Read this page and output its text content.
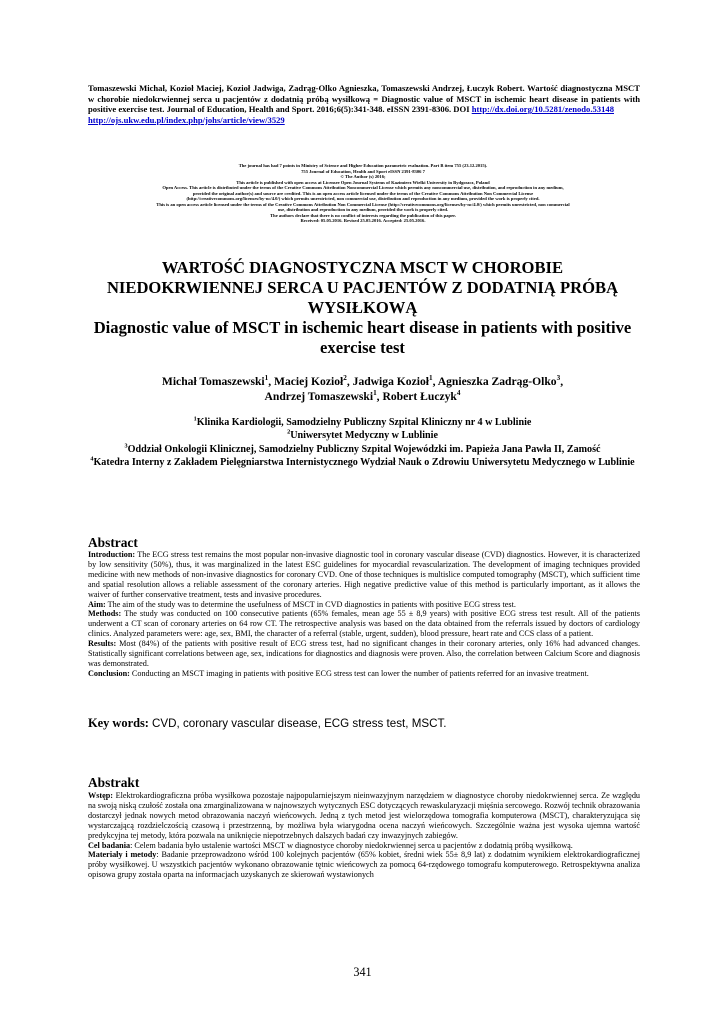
Tomaszewski Michał, Kozioł Maciej, Kozioł Jadwiga, Zadrąg-Olko Agnieszka, Tomaszewski Andrzej, Łuczyk Robert. Wartość diagnostyczna MSCT w chorobie niedokrwiennej serca u pacjentów z dodatnią próbą wysiłkową = Diagnostic value of MSCT in ischemic heart disease in patients with positive exercise test. Journal of Education, Health and Sport. 2016;6(5):341-348. eISSN 2391-8306. DOI http://dx.doi.org/10.5281/zenodo.53148
http://ojs.ukw.edu.pl/index.php/johs/article/view/3529
The journal has had 7 points in Ministry of Science and Higher Education parametric evaluation. Part B item 755 (23.12.2015).
755 Journal of Education, Health and Sport eISSN 2391-8306 7
© The Author (s) 2016;
This article is published with open access at Licensee Open Journal Systems of Kazimierz Wielki University in Bydgoszcz, Poland
Open Access. This article is distributed under the terms of the Creative Commons Attribution Noncommercial License which permits any noncommercial use, distribution, and reproduction in any medium,
provided the original author(s) and source are credited. This is an open access article licensed under the terms of the Creative Commons Attribution Non Commercial License
(http://creativecommons.org/licenses/by-nc/4.0/) which permits unrestricted, non commercial use, distribution and reproduction in any medium, provided the work is properly cited.
This is an open access article licensed under the terms of the Creative Commons Attribution Non Commercial License (http://creativecommons.org/licenses/by-nc/4.0/) which permits unrestricted, non commercial
use, distribution and reproduction in any medium, provided the work is properly cited.
The authors declare that there is no conflict of interests regarding the publication of this paper.
Received: 05.05.2016. Revised 25.05.2016. Accepted: 25.05.2016.
WARTOŚĆ DIAGNOSTYCZNA MSCT W CHOROBIE NIEDOKRWIENNEJ SERCA U PACJENTÓW Z DODATNIĄ PRÓBĄ WYSIŁKOWĄ
Diagnostic value of MSCT in ischemic heart disease in patients with positive exercise test
Michał Tomaszewski$^1$, Maciej Kozioł$^2$, Jadwiga Kozioł$^1$, Agnieszka Zadrąg-Olko$^3$,
Andrzej Tomaszewski$^1$, Robert Łuczyk$^4$
$^1$Klinika Kardiologii, Samodzielny Publiczny Szpital Kliniczny nr 4 w Lublinie
$^2$Uniwersytet Medyczny w Lublinie
$^3$Oddział Onkologii Klinicznej, Samodzielny Publiczny Szpital Wojewódzki im. Papieża Jana Pawła II, Zamość
$^4$Katedra Interny z Zakładem Pielęgniarstwa Internistycznego Wydział Nauk o Zdrowiu Uniwersytetu Medycznego w Lublinie
Abstract

Introduction: The ECG stress test remains the most popular non-invasive diagnostic tool in coronary vascular disease (CVD) diagnostics. However, it is characterized by low sensitivity (50%), thus, it was marginalized in the latest ESC guidelines for myocardial revascularization. The development of imaging techniques provided medicine with new methods of non-invasive diagnostics for coronary CVD. One of those techniques is multislice computed tomography (MSCT), which sufficient time and spatial resolution allows a reliable assessment of the coronary arteries. High negative predictive value of this method is particularly important, as it allows the waiver of further conservative treatment, tests and invasive procedures.

Aim: The aim of the study was to determine the usefulness of MSCT in CVD diagnostics in patients with positive ECG stress test.

Methods: The study was conducted on 100 consecutive patients (65% females, mean age 55 ± 8,9 years) with positive ECG stress test result. All of the patients underwent a CT scan of coronary arteries on 64 row CT. The retrospective analysis was based on the data obtained from the referrals issued by doctors of cardiology clinics. Analyzed parameters were: age, sex, BMI, the character of a referral (stable, urgent, sudden), blood pressure, heart rate and CCS class of a patient.

Results: Most (84%) of the patients with positive result of ECG stress test, had no significant changes in their coronary arteries, only 16% had advanced changes. Statistically significant correlations between age, sex, indications for diagnostics and diagnosis were proven. Also, the correlation between Calcium Score and diagnosis was demonstrated.

Conclusion: Conducting an MSCT imaging in patients with positive ECG stress test can lower the number of patients referred for an invasive treatment.

Key words: CVD, coronary vascular disease, ECG stress test, MSCT.
Abstrakt

Wstęp: Elektrokardiograficzna próba wysiłkowa pozostaje najpopularniejszym nieinwazyjnym narzędziem w diagnostyce choroby niedokrwiennej serca. Ze względu na swoją niską czułość została ona zmarginalizowana w najnowszych wytycznych ESC dotyczących rewaskularyzacji mięśnia sercowego. Rozwój technik obrazowania dostarczył jednak nowych metod obrazowania naczyń wieńcowych. Jedną z tych metod jest wielorzędowa tomografia komputerowa (MSCT), charakteryzująca się wystarczającą rozdzielczością czasową i przestrzenną, by możliwa była wiarygodna ocena naczyń wieńcowych. Szczególnie ważna jest wysoka ujemna wartość predykcyjna tej metody, która pozwala na uniknięcie niepotrzebnych dalszych badań czy inwazyjnych zabiegów.

Cel badania: Celem badania było ustalenie wartości MSCT w diagnostyce choroby niedokrwiennej serca u pacjentów z dodatnią próbą wysiłkową.

Materiały i metody: Badanie przeprowadzono wśród 100 kolejnych pacjentów (65% kobiet, średni wiek 55± 8,9 lat) z dodatnim wynikiem elektrokardiograficznej próby wysiłkowej. U wszystkich pacjentów wykonano obrazowanie tętnic wieńcowych za pomocą 64-rzędowego tomografu komputerowego. Retrospektywna analiza opisowa grupy została oparta na informacjach uzyskanych ze skierowań wystawionych

341
